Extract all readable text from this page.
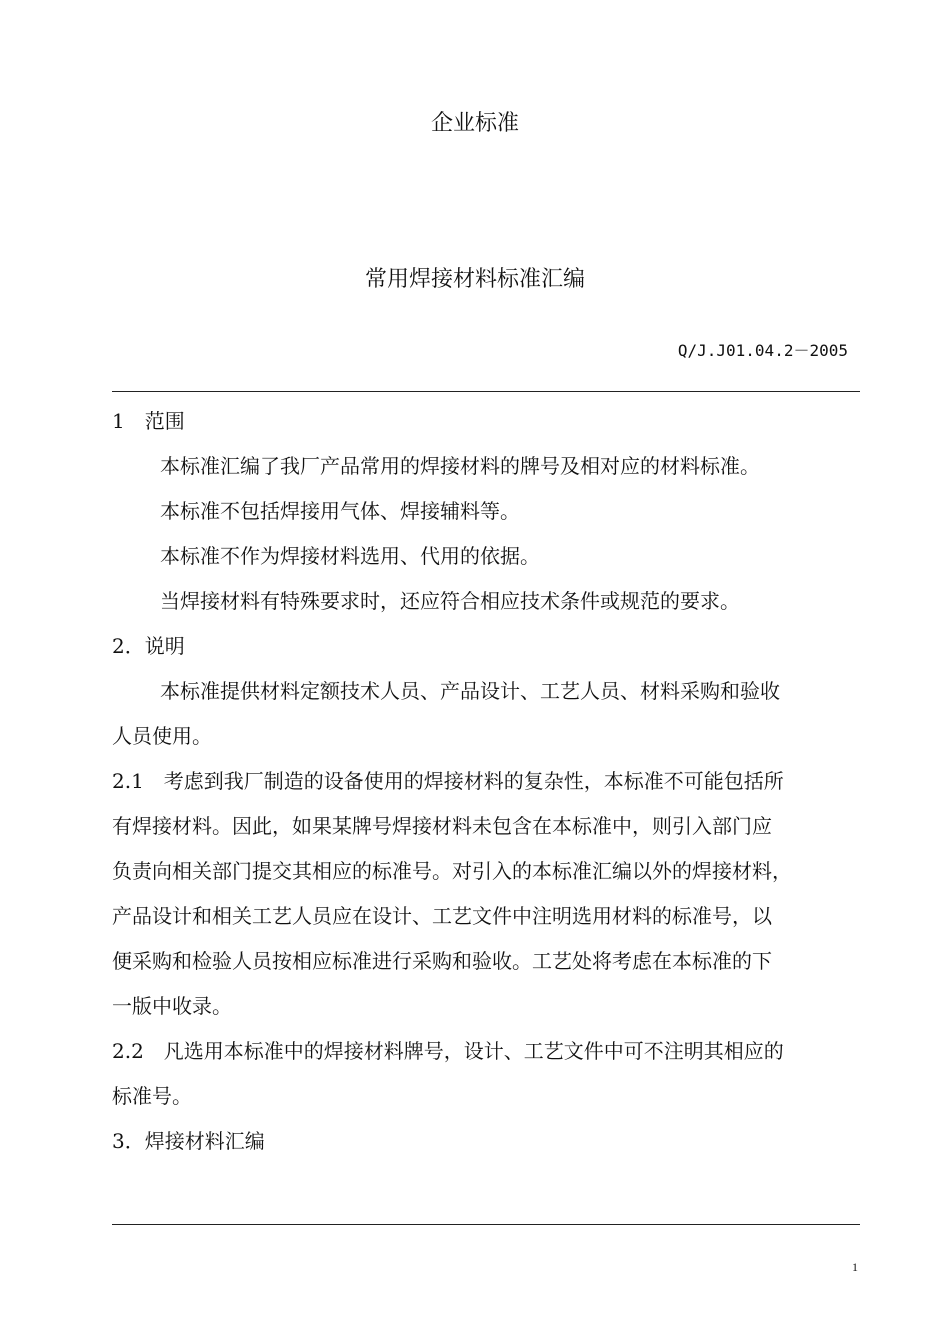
企业标准
常用焊接材料标准汇编
Q/J.J01.04.2－2005
1　范围
本标准汇编了我厂产品常用的焊接材料的牌号及相对应的材料标准。
本标准不包括焊接用气体、焊接辅料等。
本标准不作为焊接材料选用、代用的依据。
当焊接材料有特殊要求时，还应符合相应技术条件或规范的要求。
2．说明
本标准提供材料定额技术人员、产品设计、工艺人员、材料采购和验收
人员使用。
2.1　考虑到我厂制造的设备使用的焊接材料的复杂性，本标准不可能包括所
有焊接材料。因此，如果某牌号焊接材料未包含在本标准中，则引入部门应
负责向相关部门提交其相应的标准号。对引入的本标准汇编以外的焊接材料，
产品设计和相关工艺人员应在设计、工艺文件中注明选用材料的标准号，以
便采购和检验人员按相应标准进行采购和验收。工艺处将考虑在本标准的下
一版中收录。
2.2　凡选用本标准中的焊接材料牌号，设计、工艺文件中可不注明其相应的
标准号。
3．焊接材料汇编
1
